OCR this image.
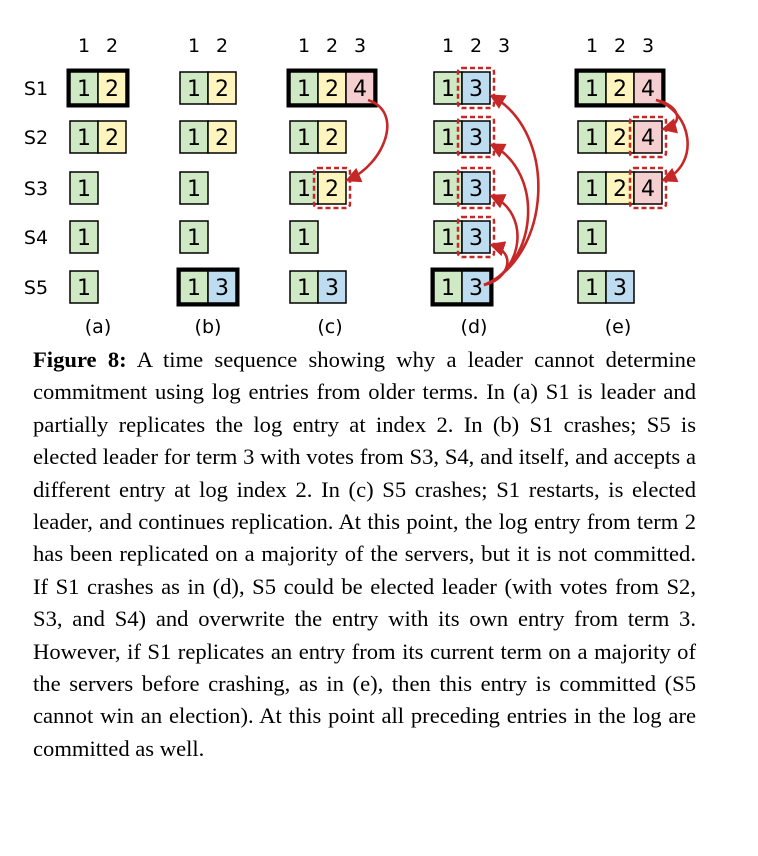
S1
S2
S3
S4
S5
1 2
1 2
1 2
1
1
1
(a)
1 2
1 2
1 2
1
1
1 3
(b)
1 2 3
1 2 4
1 2
1 2
1
1 3
(c)
1 2 3
1 3
1 3
1 3
1 3
1 3
(d)
1 2 3
1 2 4
1 2 4
1 2 4
1
1 3
(e)
Figure 8: A time sequence showing why a leader cannot determine commitment using log entries from older terms. In (a) S1 is leader and partially replicates the log entry at index 2. In (b) S1 crashes; S5 is elected leader for term 3 with votes from S3, S4, and itself, and accepts a different entry at log index 2. In (c) S5 crashes; S1 restarts, is elected leader, and continues replication. At this point, the log entry from term 2 has been replicated on a majority of the servers, but it is not committed. If S1 crashes as in (d), S5 could be elected leader (with votes from S2, S3, and S4) and overwrite the entry with its own entry from term 3. However, if S1 replicates an entry from its current term on a majority of the servers before crashing, as in (e), then this entry is committed (S5 cannot win an election). At this point all preceding entries in the log are committed as well.
